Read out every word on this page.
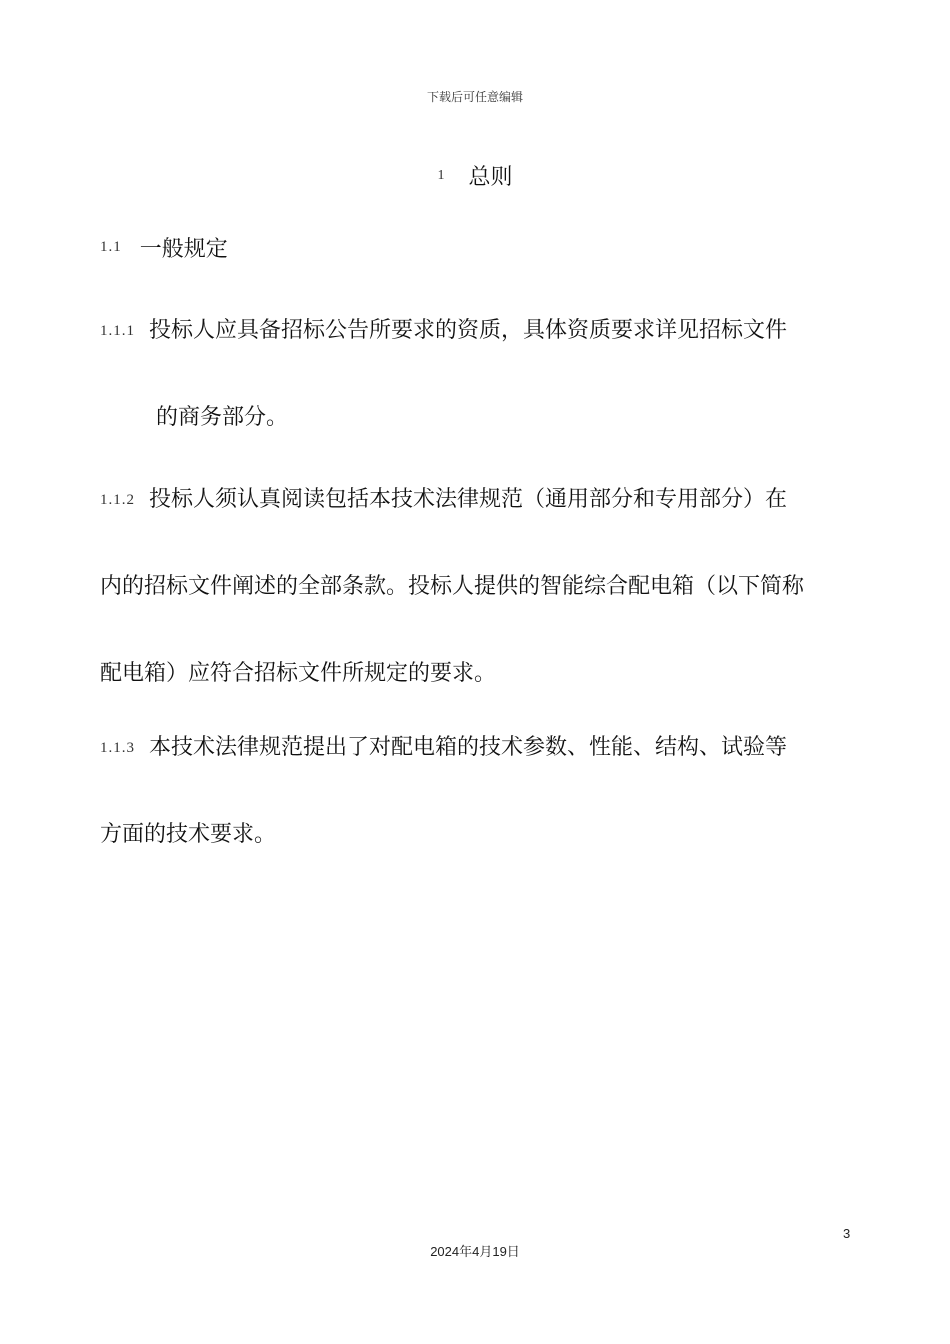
下载后可任意编辑
1 总则
1.1 一般规定
1.1.1 投标人应具备招标公告所要求的资质，具体资质要求详见招标文件
的商务部分。
1.1.2 投标人须认真阅读包括本技术法律规范（通用部分和专用部分）在
内的招标文件阐述的全部条款。投标人提供的智能综合配电箱（以下简称
配电箱）应符合招标文件所规定的要求。
1.1.3 本技术法律规范提出了对配电箱的技术参数、性能、结构、试验等
方面的技术要求。
3
2024年4月19日
